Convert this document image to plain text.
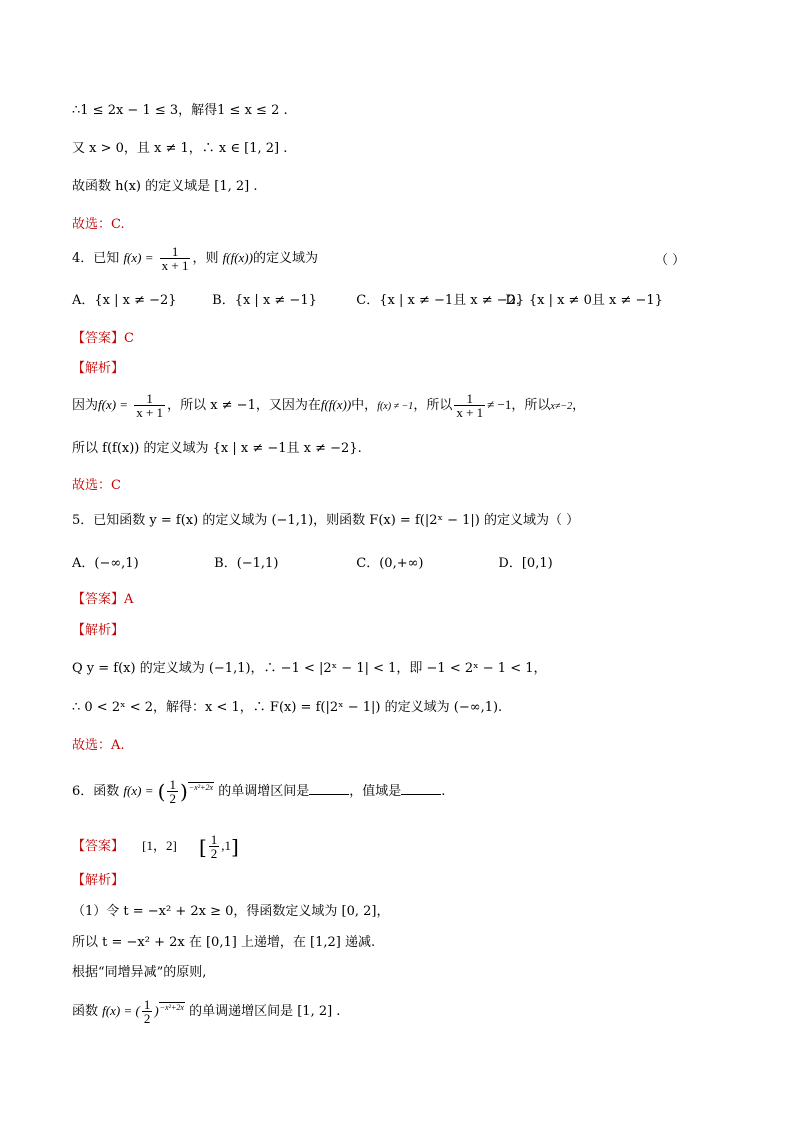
∴1 ≤ 2x − 1 ≤ 3，解得1 ≤ x ≤ 2 .
又 x > 0，且 x ≠ 1，∴ x ∈ [1, 2] .
故函数 h(x) 的定义域是 [1, 2] .
故选：C.
4．已知 $f(x) = \frac{1}{x + 1}$ ，则 f(f(x))的定义域为	（ ）
A．{x | x ≠ −2}	B．{x | x ≠ −1}	C．{x | x ≠ −1且 x ≠ −2} D．{x | x ≠ 0且 x ≠ −1}
【答案】C
【解析】
因为$f(x) = \frac{1}{x + 1}$ ，所以 x ≠ −1，又因为在f(f(x))中，f(x) ≠ −1，所以 $\frac{1}{x + 1} \ne -1$，所以x≠−2，
所以 f(f(x)) 的定义域为 {x | x ≠ −1且 x ≠ −2}.
故选：C
5．已知函数 y = f(x) 的定义域为 (−1,1)，则函数 F(x) = f(|2ˣ − 1|) 的定义域为（ ）
A．(−∞,1)	B．(−1,1)	C．(0,+∞)	D．[0,1)
【答案】A
【解析】
Q y = f(x) 的定义域为 (−1,1)，∴ −1 < |2ˣ − 1| < 1，即 −1 < 2ˣ − 1 < 1，
∴ 0 < 2ˣ < 2，解得：x < 1，∴ F(x) = f(|2ˣ − 1|) 的定义域为 (−∞,1).
故选：A.
6．函数 f(x) = ( $\frac{1}{2} )^{-x^2+2x}$ 的单调增区间是	，值域是	.
【答案】 [1，2] [ $\frac{1}{2} ,1$]
【解析】
（1）令 t = −x² + 2x ≥ 0，得函数定义域为 [0, 2]，
所以 t = −x² + 2x 在 [0,1] 上递增，在 [1,2] 递减.
根据“同增异减”的原则,
函数 f(x) = ( $\frac{1}{2} )^{-x^2+2x}$ 的单调递增区间是 [1, 2] .
